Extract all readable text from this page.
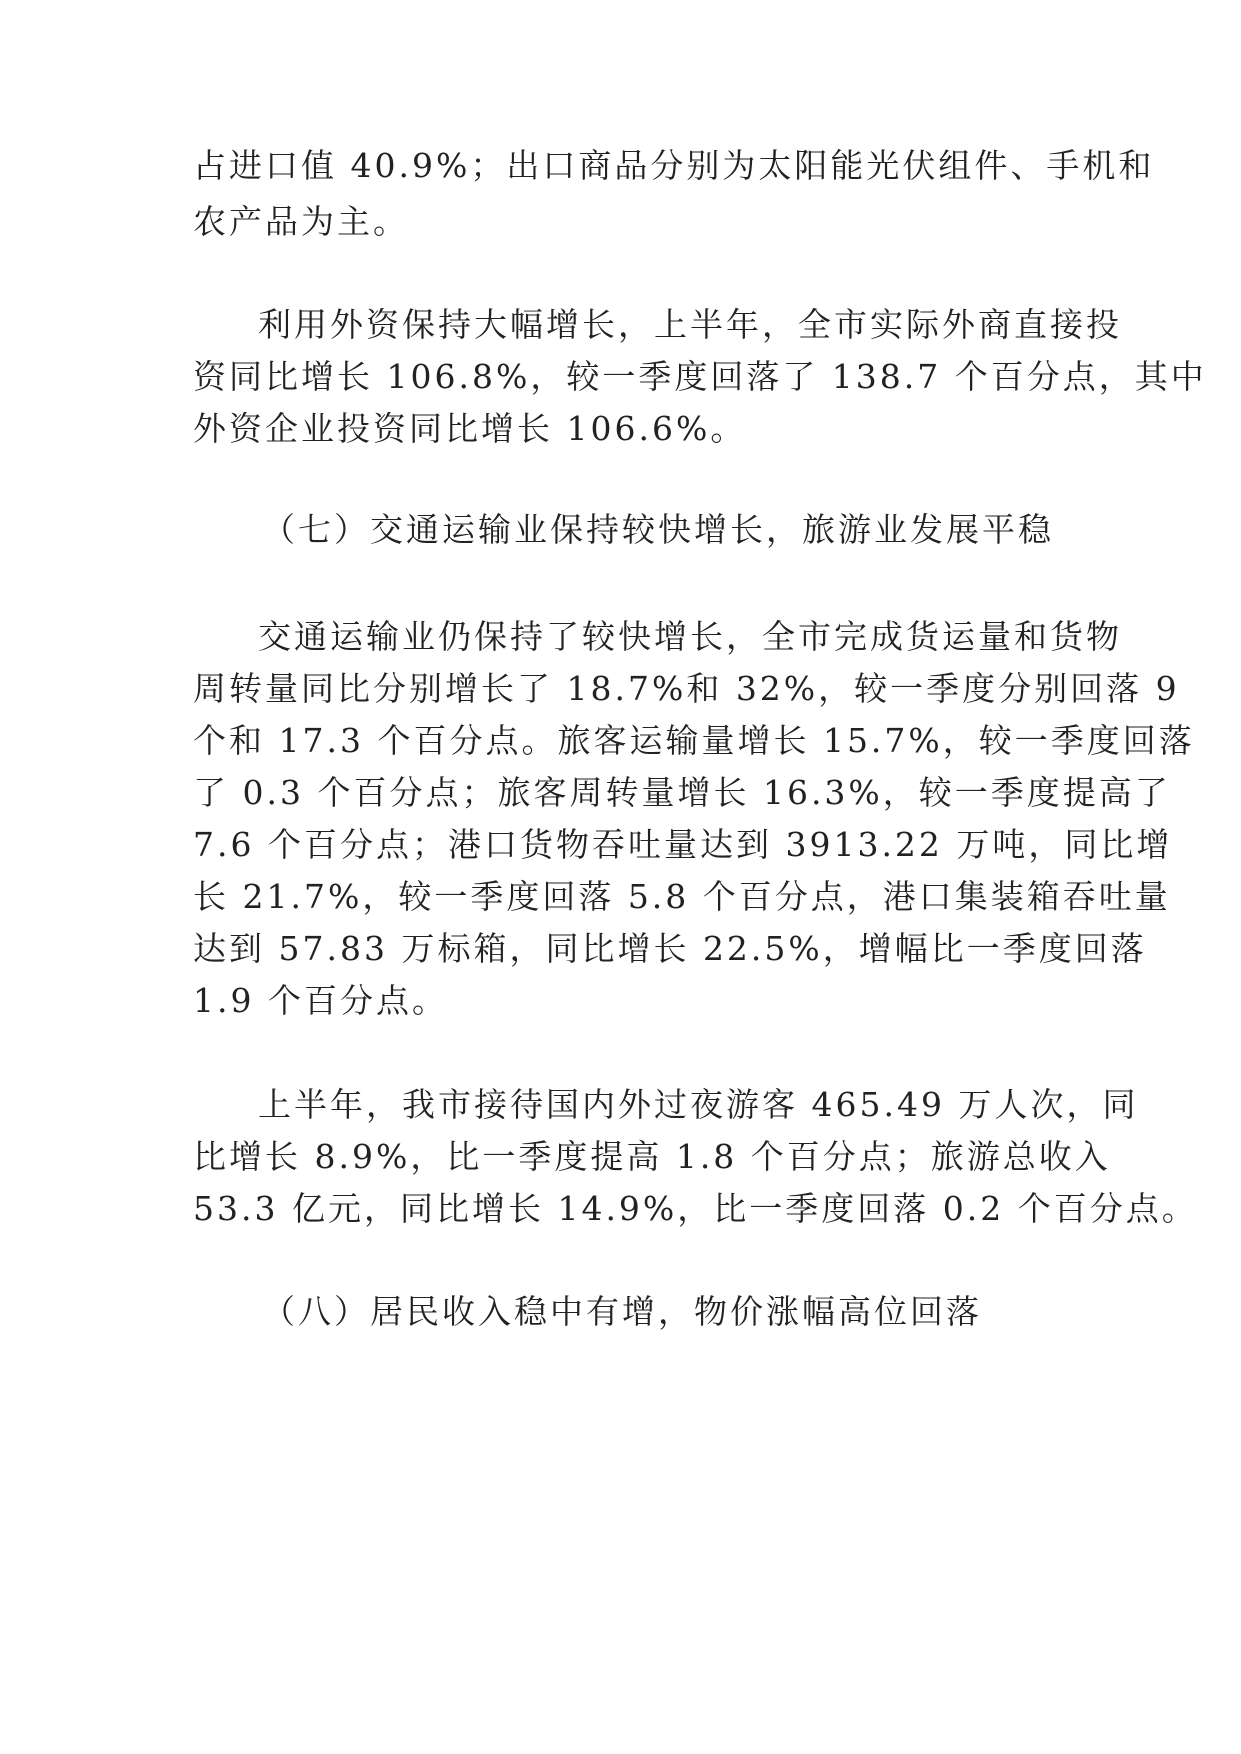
占进口值 40.9%；出口商品分别为太阳能光伏组件、手机和
农产品为主。
利用外资保持大幅增长，上半年，全市实际外商直接投
资同比增长 106.8%，较一季度回落了 138.7 个百分点，其中
外资企业投资同比增长 106.6%。
（七）交通运输业保持较快增长，旅游业发展平稳
交通运输业仍保持了较快增长，全市完成货运量和货物
周转量同比分别增长了 18.7%和 32%，较一季度分别回落 9
个和 17.3 个百分点。旅客运输量增长 15.7%，较一季度回落
了 0.3 个百分点；旅客周转量增长 16.3%，较一季度提高了
7.6 个百分点；港口货物吞吐量达到 3913.22 万吨，同比增
长 21.7%，较一季度回落 5.8 个百分点，港口集装箱吞吐量
达到 57.83 万标箱，同比增长 22.5%，增幅比一季度回落
1.9 个百分点。
上半年，我市接待国内外过夜游客 465.49 万人次，同
比增长 8.9%，比一季度提高 1.8 个百分点；旅游总收入
53.3 亿元，同比增长 14.9%，比一季度回落 0.2 个百分点。
（八）居民收入稳中有增，物价涨幅高位回落
